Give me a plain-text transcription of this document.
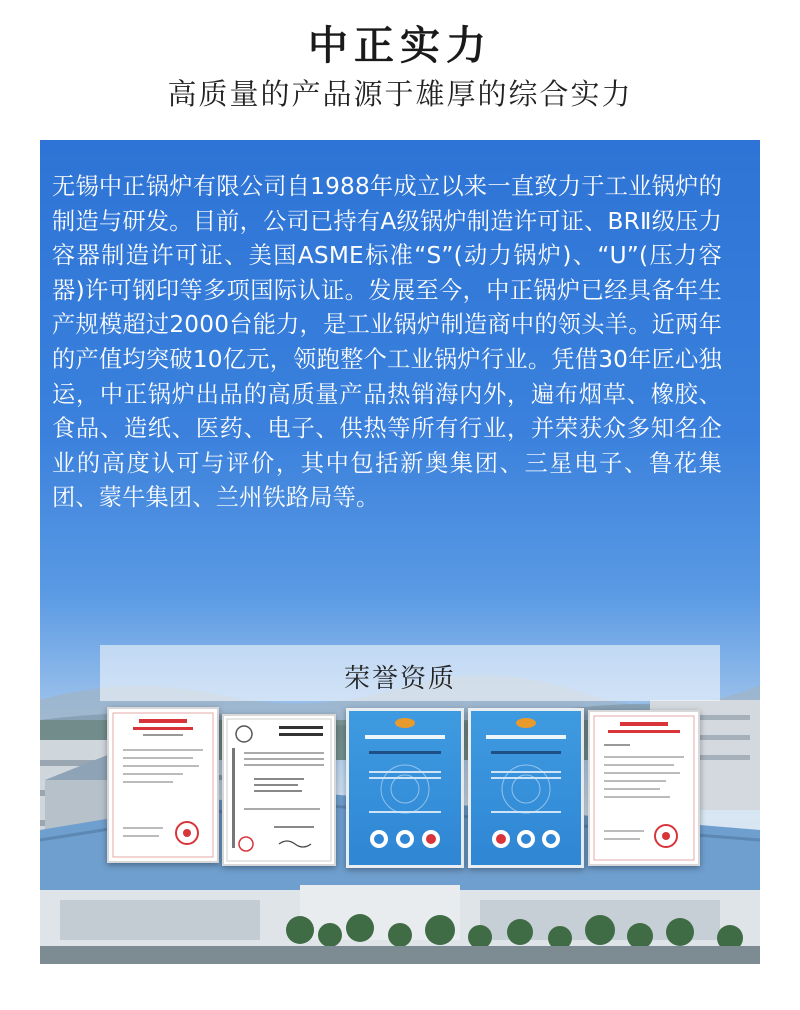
中正实力
高质量的产品源于雄厚的综合实力
无锡中正锅炉有限公司自1988年成立以来一直致力于工业锅炉的制造与研发。目前，公司已持有A级锅炉制造许可证、BRⅡ级压力容器制造许可证、美国ASME标准“S”(动力锅炉)、“U”(压力容器)许可钢印等多项国际认证。发展至今，中正锅炉已经具备年生产规模超过2000台能力，是工业锅炉制造商中的领头羊。近两年的产值均突破10亿元，领跑整个工业锅炉行业。凭借30年匠心独运，中正锅炉出品的高质量产品热销海内外，遍布烟草、橡胶、食品、造纸、医药、电子、供热等所有行业，并荣获众多知名企业的高度认可与评价，其中包括新奥集团、三星电子、鲁花集团、蒙牛集团、兰州铁路局等。
荣誉资质
